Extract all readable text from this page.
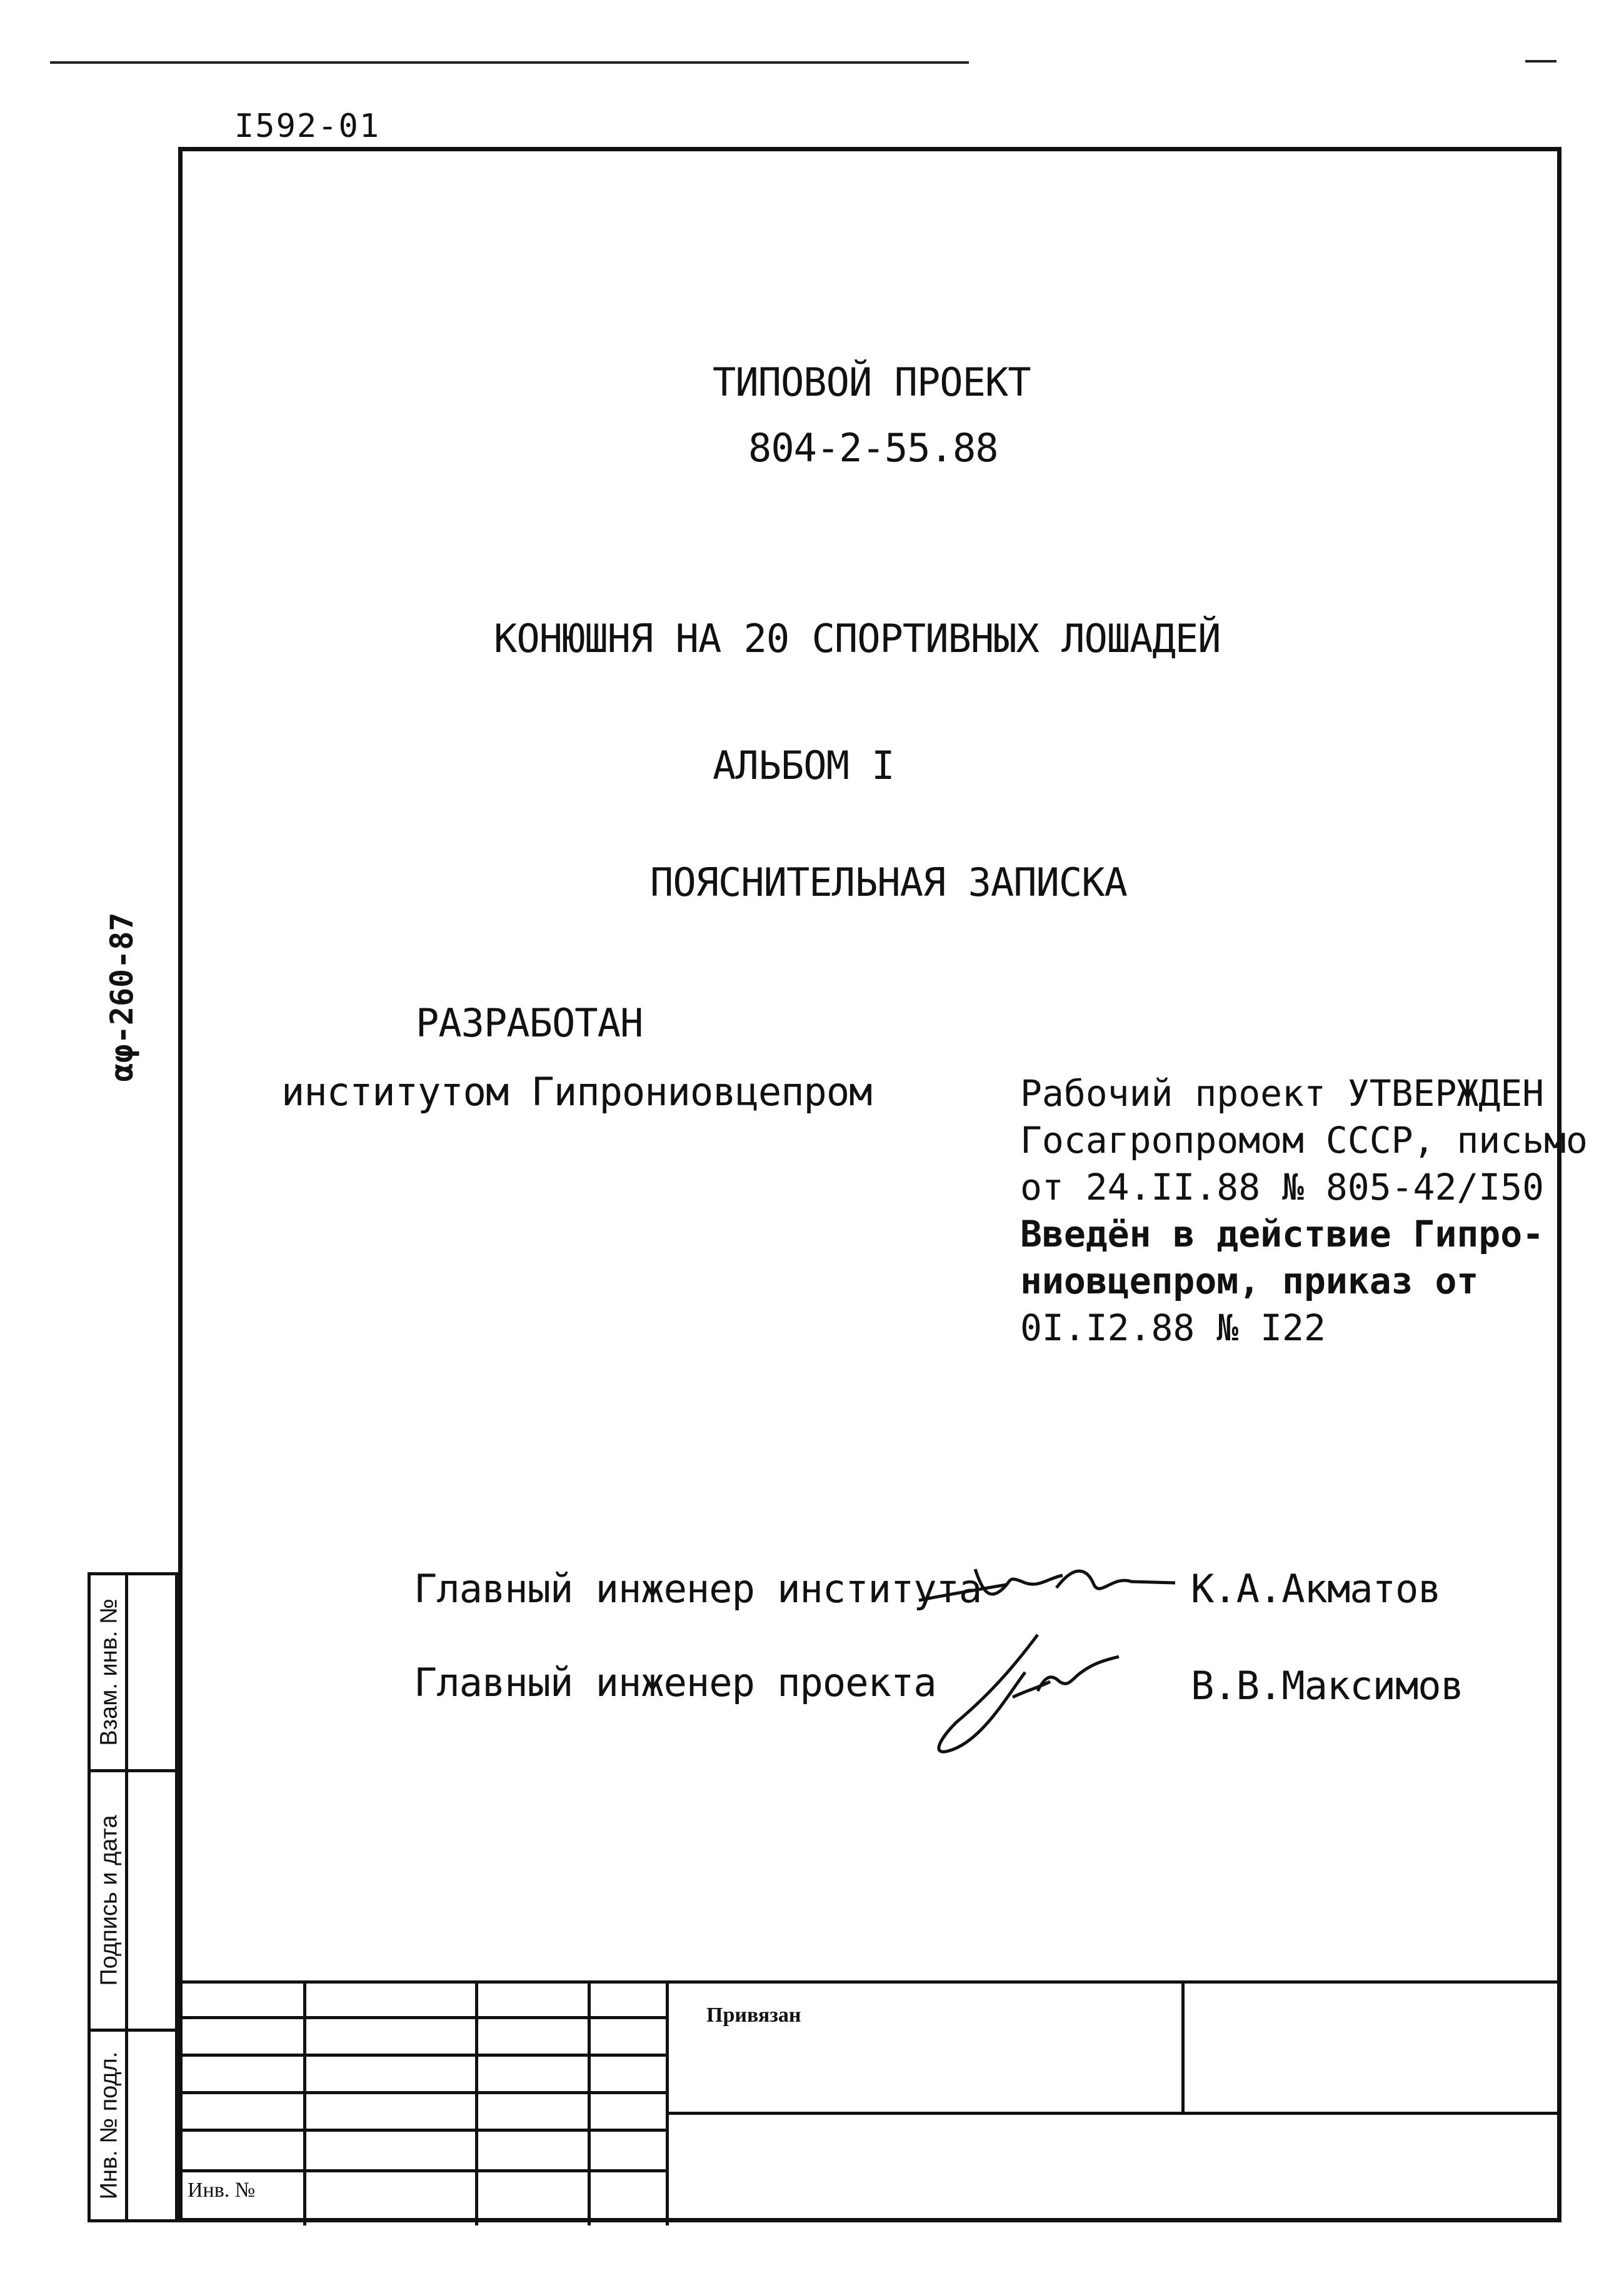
I592-01
αφ-260-87
Взам. инв. №
Подпись и дата
Инв. № подл.
ТИПОВОЙ ПРОЕКТ
804-2-55.88
КОНЮШНЯ НА 20 СПОРТИВНЫХ ЛОШАДЕЙ
АЛЬБОМ I
ПОЯСНИТЕЛЬНАЯ ЗАПИСКА
РАЗРАБОТАН
институтом Гипрониовцепром	Рабочий проект УТВЕРЖДЕН
Госагропромом СССР, письмо
от 24.II.88 № 805-42/I50
Введён в действие Гипро-
ниовцепром, приказ от
0I.I2.88 № I22
Главный инженер института	К.А.Акматов
Главный инженер проекта	В.В.Максимов
Привязан
Инв. №
